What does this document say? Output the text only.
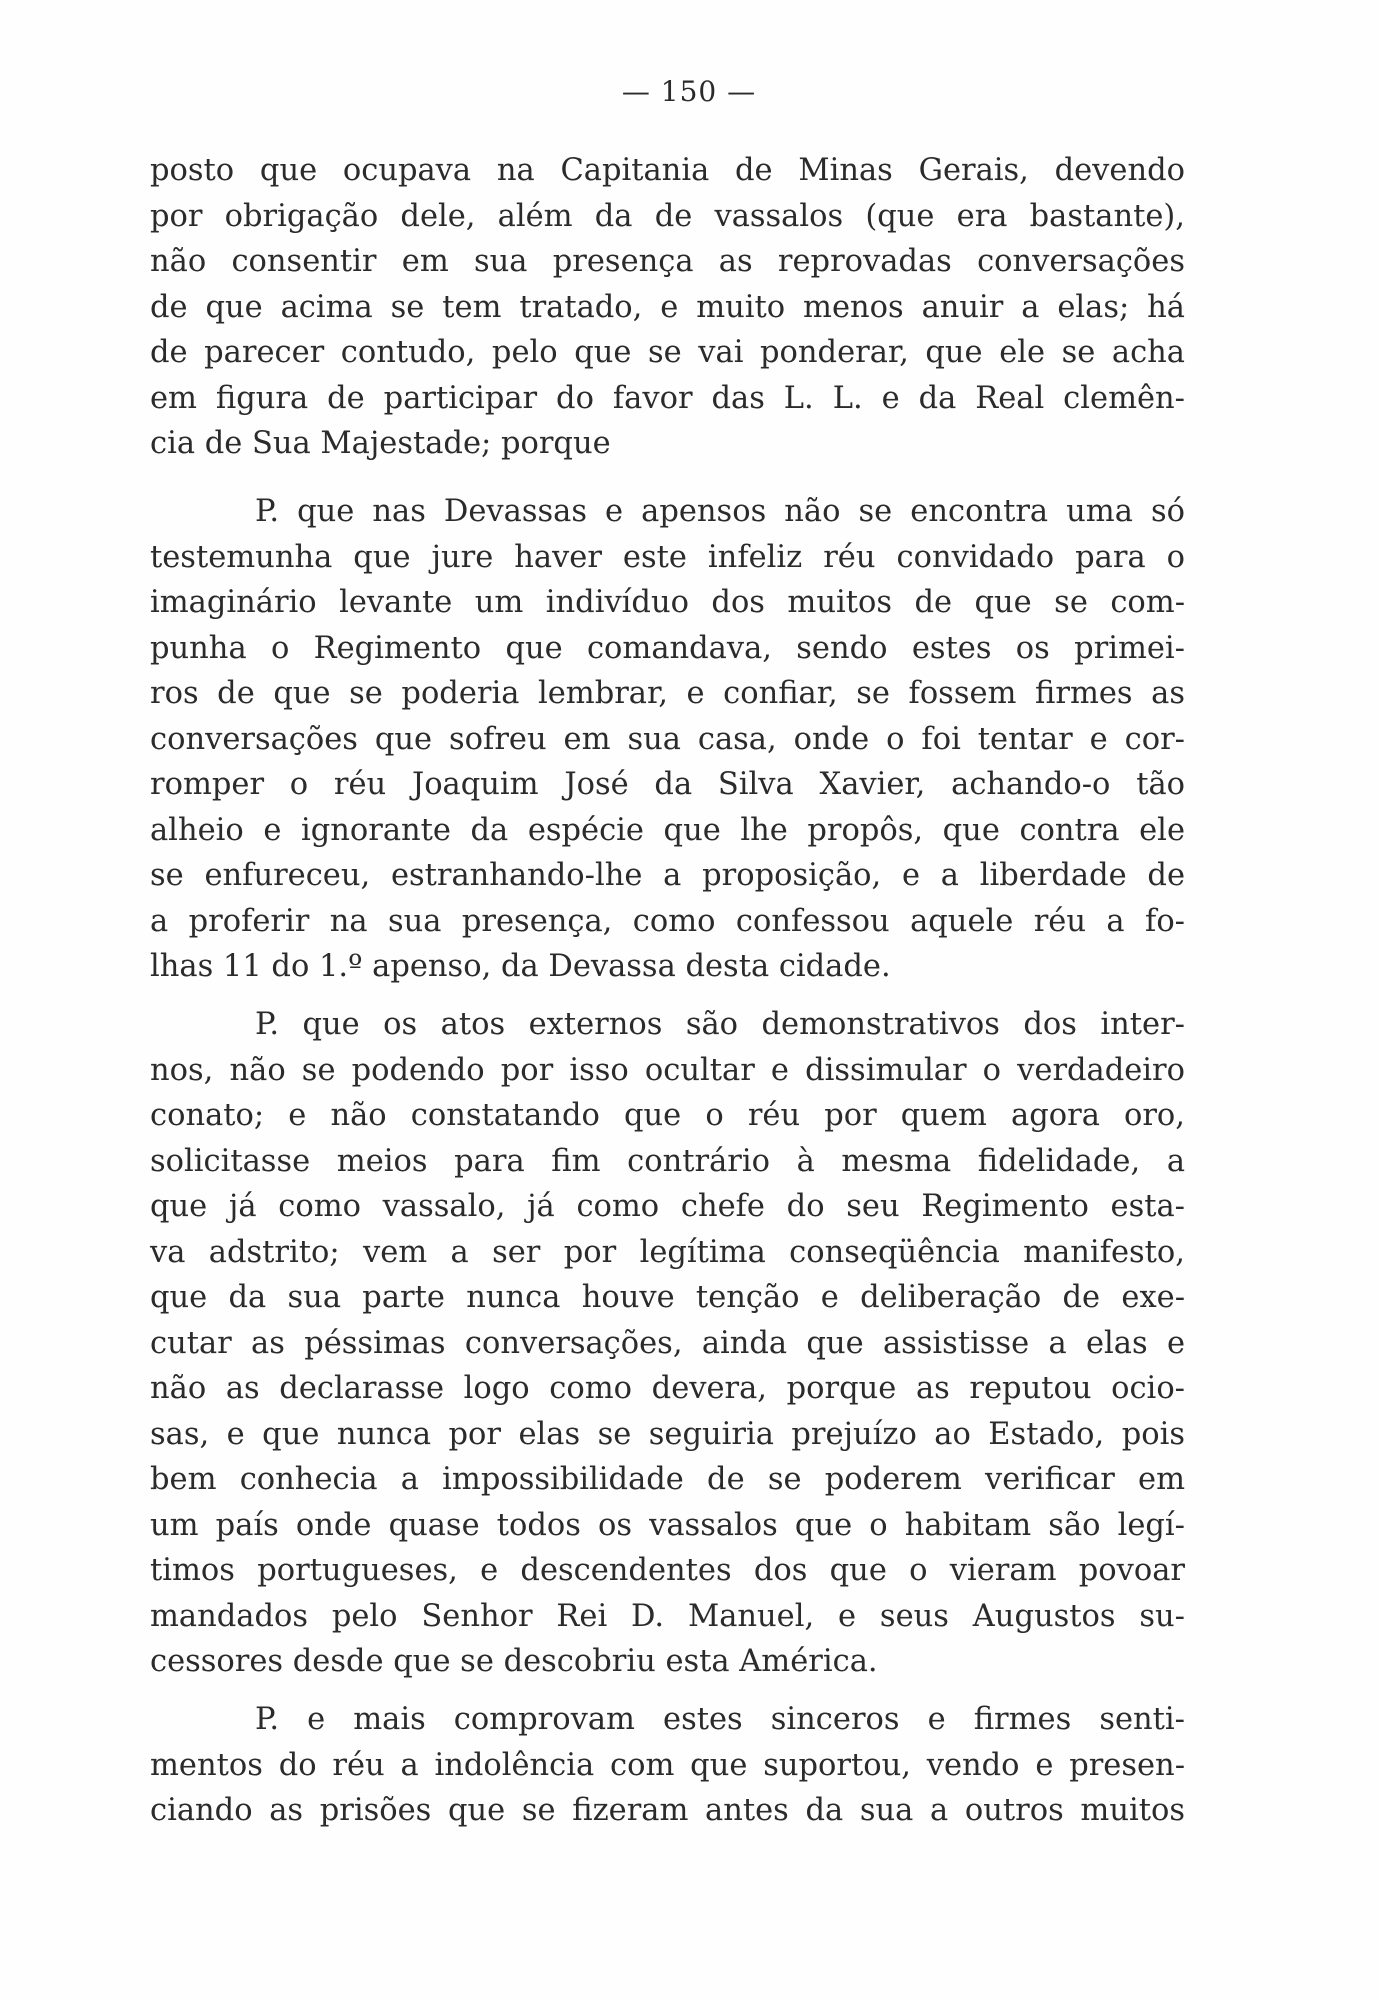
— 150 —
posto que ocupava na Capitania de Minas Gerais, devendo
por obrigação dele, além da de vassalos (que era bastante),
não consentir em sua presença as reprovadas conversações
de que acima se tem tratado, e muito menos anuir a elas; há
de parecer contudo, pelo que se vai ponderar, que ele se acha
em figura de participar do favor das L. L. e da Real clemên-
cia de Sua Majestade; porque
P. que nas Devassas e apensos não se encontra uma só
testemunha que jure haver este infeliz réu convidado para o
imaginário levante um indivíduo dos muitos de que se com-
punha o Regimento que comandava, sendo estes os primei-
ros de que se poderia lembrar, e confiar, se fossem firmes as
conversações que sofreu em sua casa, onde o foi tentar e cor-
romper o réu Joaquim José da Silva Xavier, achando-o tão
alheio e ignorante da espécie que lhe propôs, que contra ele
se enfureceu, estranhando-lhe a proposição, e a liberdade de
a proferir na sua presença, como confessou aquele réu a fo-
lhas 11 do 1.º apenso, da Devassa desta cidade.
P. que os atos externos são demonstrativos dos inter-
nos, não se podendo por isso ocultar e dissimular o verdadeiro
conato; e não constatando que o réu por quem agora oro,
solicitasse meios para fim contrário à mesma fidelidade, a
que já como vassalo, já como chefe do seu Regimento esta-
va adstrito; vem a ser por legítima conseqüência manifesto,
que da sua parte nunca houve tenção e deliberação de exe-
cutar as péssimas conversações, ainda que assistisse a elas e
não as declarasse logo como devera, porque as reputou ocio-
sas, e que nunca por elas se seguiria prejuízo ao Estado, pois
bem conhecia a impossibilidade de se poderem verificar em
um país onde quase todos os vassalos que o habitam são legí-
timos portugueses, e descendentes dos que o vieram povoar
mandados pelo Senhor Rei D. Manuel, e seus Augustos su-
cessores desde que se descobriu esta América.
P. e mais comprovam estes sinceros e firmes senti-
mentos do réu a indolência com que suportou, vendo e presen-
ciando as prisões que se fizeram antes da sua a outros muitos
